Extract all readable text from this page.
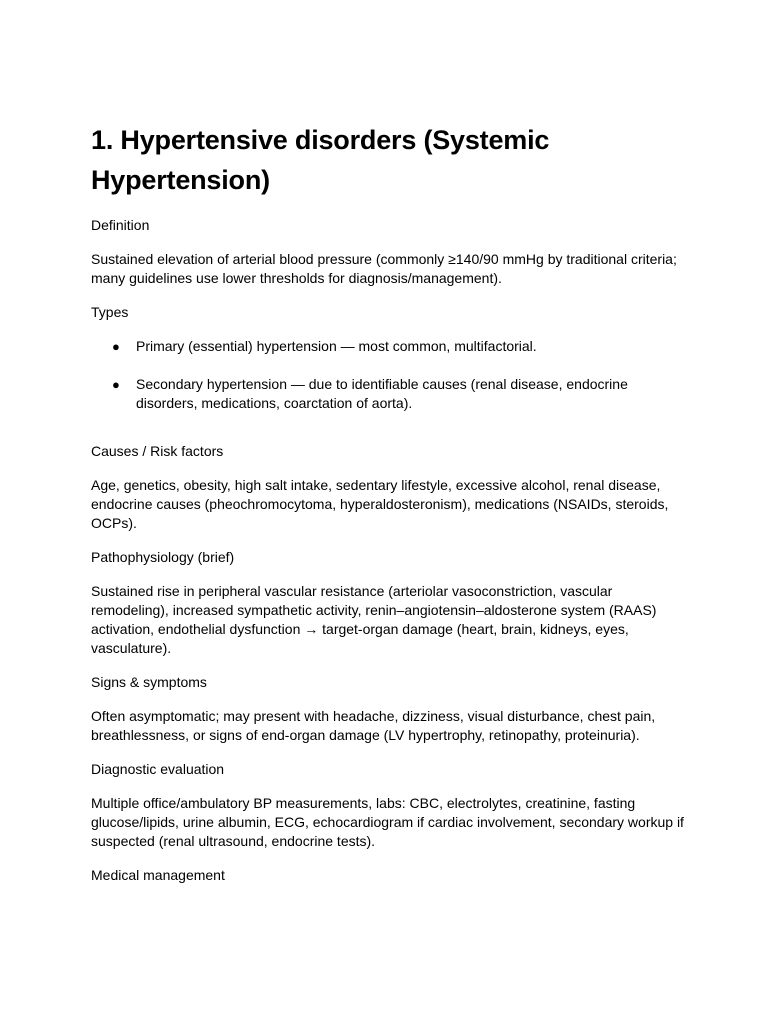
1. Hypertensive disorders (Systemic Hypertension)
Definition
Sustained elevation of arterial blood pressure (commonly ≥140/90 mmHg by traditional criteria; many guidelines use lower thresholds for diagnosis/management).
Types
● Primary (essential) hypertension — most common, multifactorial.
● Secondary hypertension — due to identifiable causes (renal disease, endocrine disorders, medications, coarctation of aorta).
Causes / Risk factors
Age, genetics, obesity, high salt intake, sedentary lifestyle, excessive alcohol, renal disease, endocrine causes (pheochromocytoma, hyperaldosteronism), medications (NSAIDs, steroids, OCPs).
Pathophysiology (brief)
Sustained rise in peripheral vascular resistance (arteriolar vasoconstriction, vascular remodeling), increased sympathetic activity, renin–angiotensin–aldosterone system (RAAS) activation, endothelial dysfunction → target-organ damage (heart, brain, kidneys, eyes, vasculature).
Signs & symptoms
Often asymptomatic; may present with headache, dizziness, visual disturbance, chest pain, breathlessness, or signs of end-organ damage (LV hypertrophy, retinopathy, proteinuria).
Diagnostic evaluation
Multiple office/ambulatory BP measurements, labs: CBC, electrolytes, creatinine, fasting glucose/lipids, urine albumin, ECG, echocardiogram if cardiac involvement, secondary workup if suspected (renal ultrasound, endocrine tests).
Medical management
